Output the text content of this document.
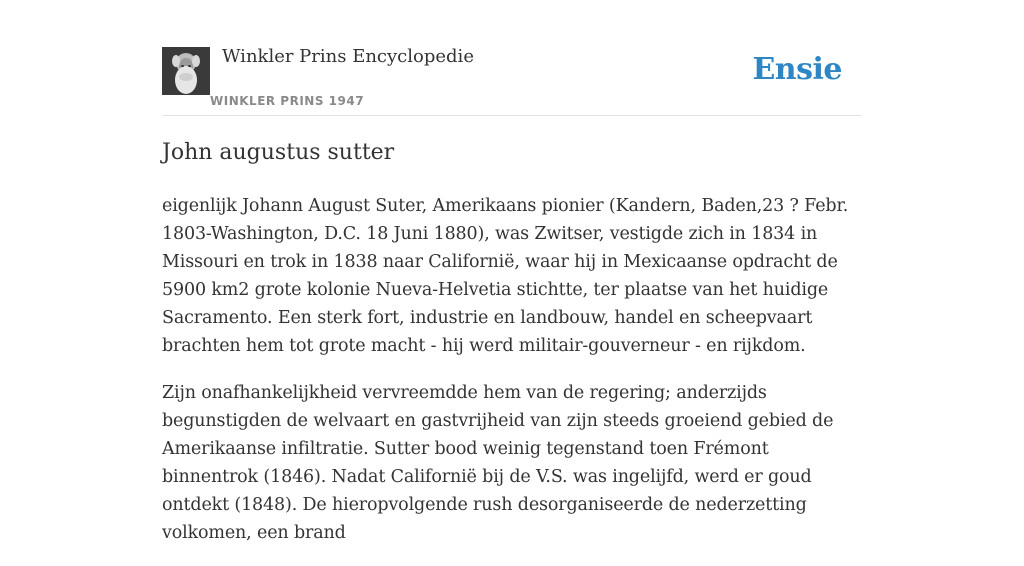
Winkler Prins Encyclopedie
WINKLER PRINS 1947
Ensie
John augustus sutter

eigenlijk Johann August Suter, Amerikaans pionier (Kandern, Baden,23 ? Febr. 1803-Washington, D.C. 18 Juni 1880), was Zwitser, vestigde zich in 1834 in Missouri en trok in 1838 naar Californië, waar hij in Mexicaanse opdracht de 5900 km2 grote kolonie Nueva-Helvetia stichtte, ter plaatse van het huidige Sacramento. Een sterk fort, industrie en landbouw, handel en scheepvaart brachten hem tot grote macht - hij werd militair-gouverneur - en rijkdom.

Zijn onafhankelijkheid vervreemdde hem van de regering; anderzijds begunstigden de welvaart en gastvrijheid van zijn steeds groeiend gebied de Amerikaanse infiltratie. Sutter bood weinig tegenstand toen Frémont binnentrok (1846). Nadat Californië bij de V.S. was ingelijfd, werd er goud ontdekt (1848). De hieropvolgende rush desorganiseerde de nederzetting volkomen, een brand
